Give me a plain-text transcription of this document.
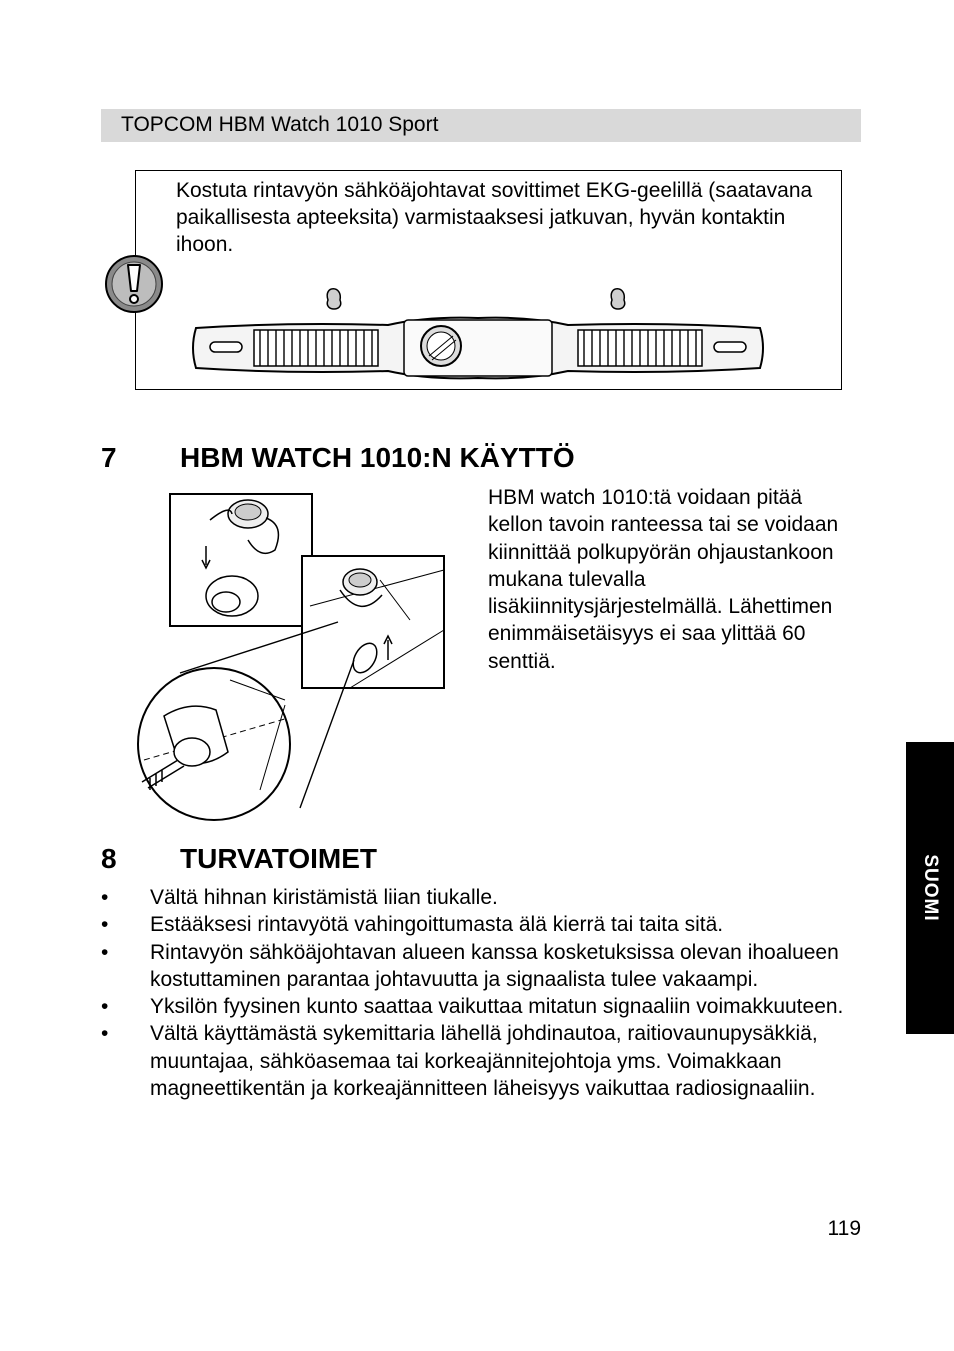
TOPCOM HBM Watch 1010 Sport

Kostuta rintavyön sähköäjohtavat sovittimet EKG-geelillä (saatavana paikallisesta apteeksita) varmistaaksesi jatkuvan, hyvän kontaktin ihoon.

7 HBM WATCH 1010:N KÄYTTÖ

HBM watch 1010:tä voidaan pitää kellon tavoin ranteessa tai se voidaan kiinnittää polkupyörän ohjaustankoon mukana tulevalla lisäkiinnitysjärjestelmällä. Lähettimen enimmäisetäisyys ei saa ylittää 60 senttiä.

8 TURVATOIMET
• Vältä hihnan kiristämistä liian tiukalle.
• Estääksesi rintavyötä vahingoittumasta älä kierrä tai taita sitä.
• Rintavyön sähköäjohtavan alueen kanssa kosketuksissa olevan ihoalueen kostuttaminen parantaa johtavuutta ja signaalista tulee vakaampi.
• Yksilön fyysinen kunto saattaa vaikuttaa mitatun signaaliin voimakkuuteen.
• Vältä käyttämästä sykemittaria lähellä johdinautoa, raitiovaunupysäkkiä, muuntajaa, sähköasemaa tai korkeajännitejohtoja yms. Voimakkaan magneettikentän ja korkeajännitteen läheisyys vaikuttaa radiosignaaliin.
119
SUOMI
